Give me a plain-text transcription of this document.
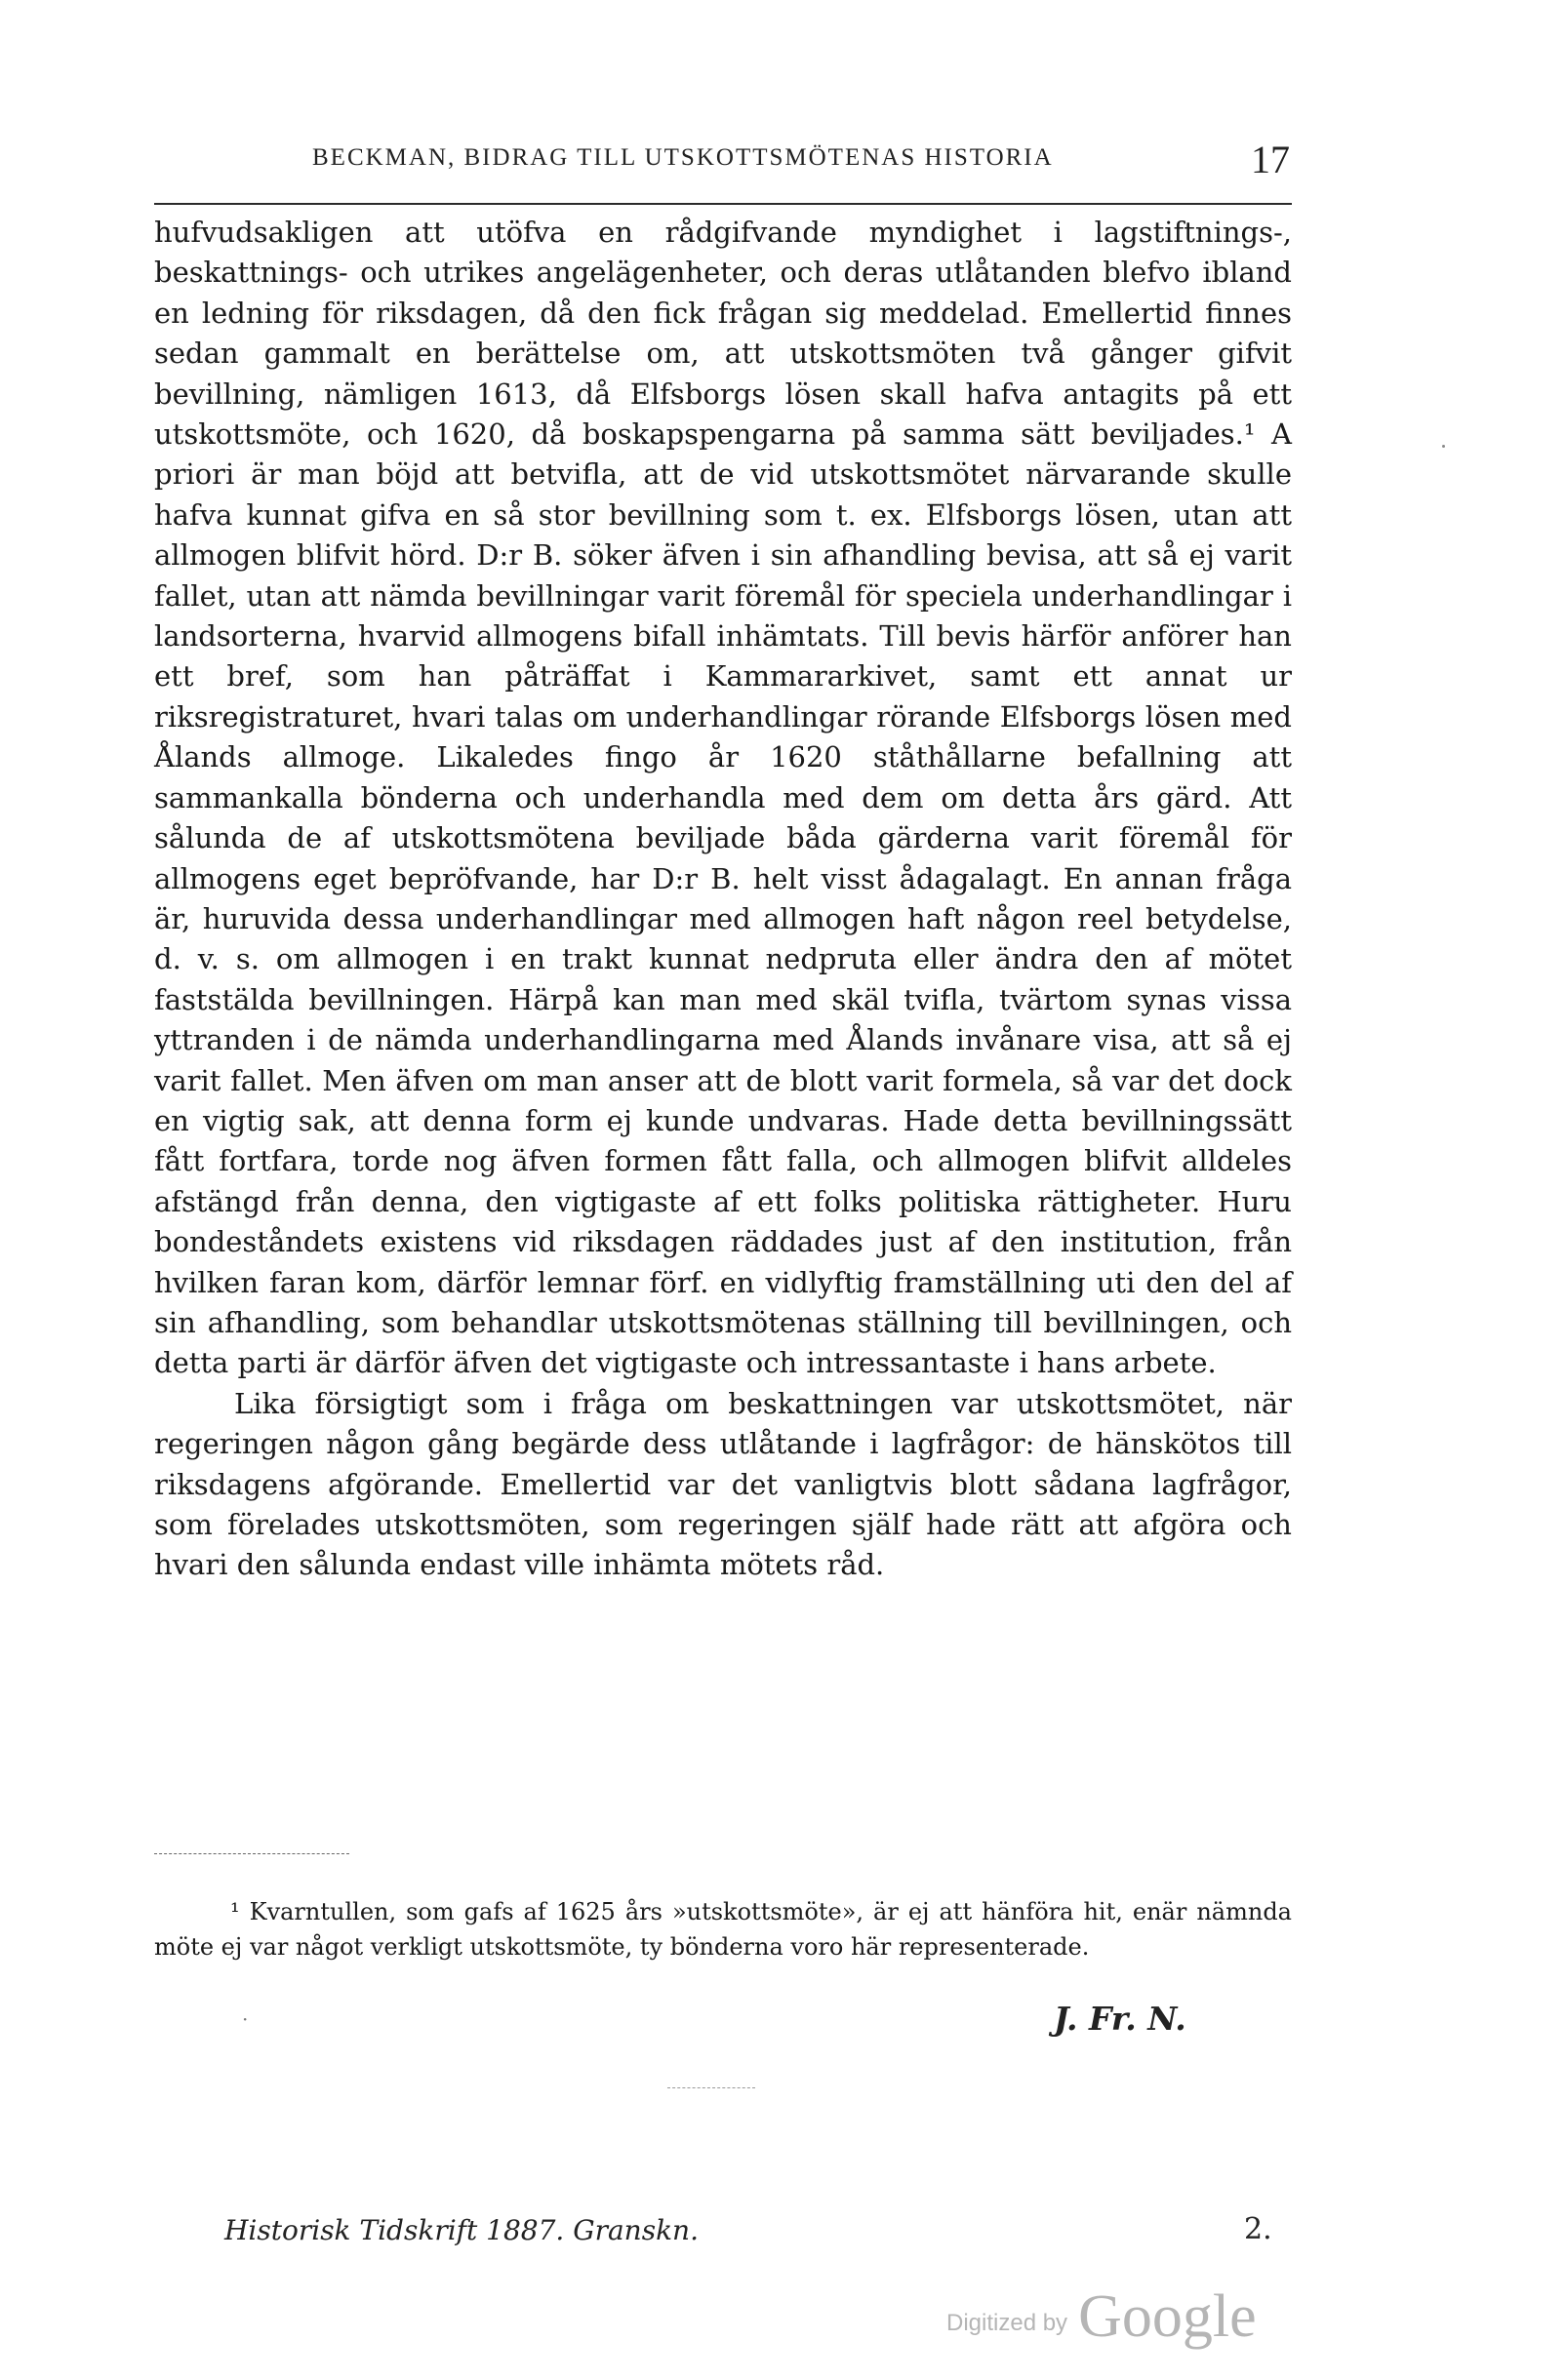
BECKMAN, BIDRAG TILL UTSKOTTSMÖTENAS HISTORIA	17

hufvudsakligen att utöfva en rådgifvande myndighet i lagstiftnings-, beskattnings- och utrikes angelägenheter, och deras utlåtanden blefvo ibland en ledning för riksdagen, då den fick frågan sig meddelad. Emellertid finnes sedan gammalt en berättelse om, att utskottsmöten två gånger gifvit bevillning, nämligen 1613, då Elfsborgs lösen skall hafva antagits på ett utskottsmöte, och 1620, då boskapspengarna på samma sätt beviljades.¹ A priori är man böjd att betvifla, att de vid utskottsmötet närvarande skulle hafva kunnat gifva en så stor bevillning som t. ex. Elfsborgs lösen, utan att allmogen blifvit hörd. D:r B. söker äfven i sin afhandling bevisa, att så ej varit fallet, utan att nämda bevillningar varit föremål för speciela underhandlingar i landsorterna, hvarvid allmogens bifall inhämtats. Till bevis härför anförer han ett bref, som han påträffat i Kammararkivet, samt ett annat ur riksregistraturet, hvari talas om underhandlingar rörande Elfsborgs lösen med Ålands allmoge. Likaledes fingo år 1620 ståthållarne befallning att sammankalla bönderna och underhandla med dem om detta års gärd. Att sålunda de af utskottsmötena beviljade båda gärderna varit föremål för allmogens eget bepröfvande, har D:r B. helt visst ådagalagt. En annan fråga är, huruvida dessa underhandlingar med allmogen haft någon reel betydelse, d. v. s. om allmogen i en trakt kunnat nedpruta eller ändra den af mötet faststälda bevillningen. Härpå kan man med skäl tvifla, tvärtom synas vissa yttranden i de nämda underhandlingarna med Ålands invånare visa, att så ej varit fallet. Men äfven om man anser att de blott varit formela, så var det dock en vigtig sak, att denna form ej kunde undvaras. Hade detta bevillningssätt fått fortfara, torde nog äfven formen fått falla, och allmogen blifvit alldeles afstängd från denna, den vigtigaste af ett folks politiska rättigheter. Huru bondeståndets existens vid riksdagen räddades just af den institution, från hvilken faran kom, därför lemnar förf. en vidlyftig framställning uti den del af sin afhandling, som behandlar utskottsmötenas ställning till bevillningen, och detta parti är därför äfven det vigtigaste och intressantaste i hans arbete.

Lika försigtigt som i fråga om beskattningen var utskottsmötet, när regeringen någon gång begärde dess utlåtande i lagfrågor: de hänskötos till riksdagens afgörande. Emellertid var det vanligtvis blott sådana lagfrågor, som förelades utskottsmöten, som regeringen själf hade rätt att afgöra och hvari den sålunda endast ville inhämta mötets råd.

¹ Kvarntullen, som gafs af 1625 års »utskottsmöte», är ej att hänföra hit, enär nämnda möte ej var något verkligt utskottsmöte, ty bönderna voro här representerade.

·	J. Fr. N.
Historisk Tidskrift 1887. Granskn.	2.
Digitized by Google
